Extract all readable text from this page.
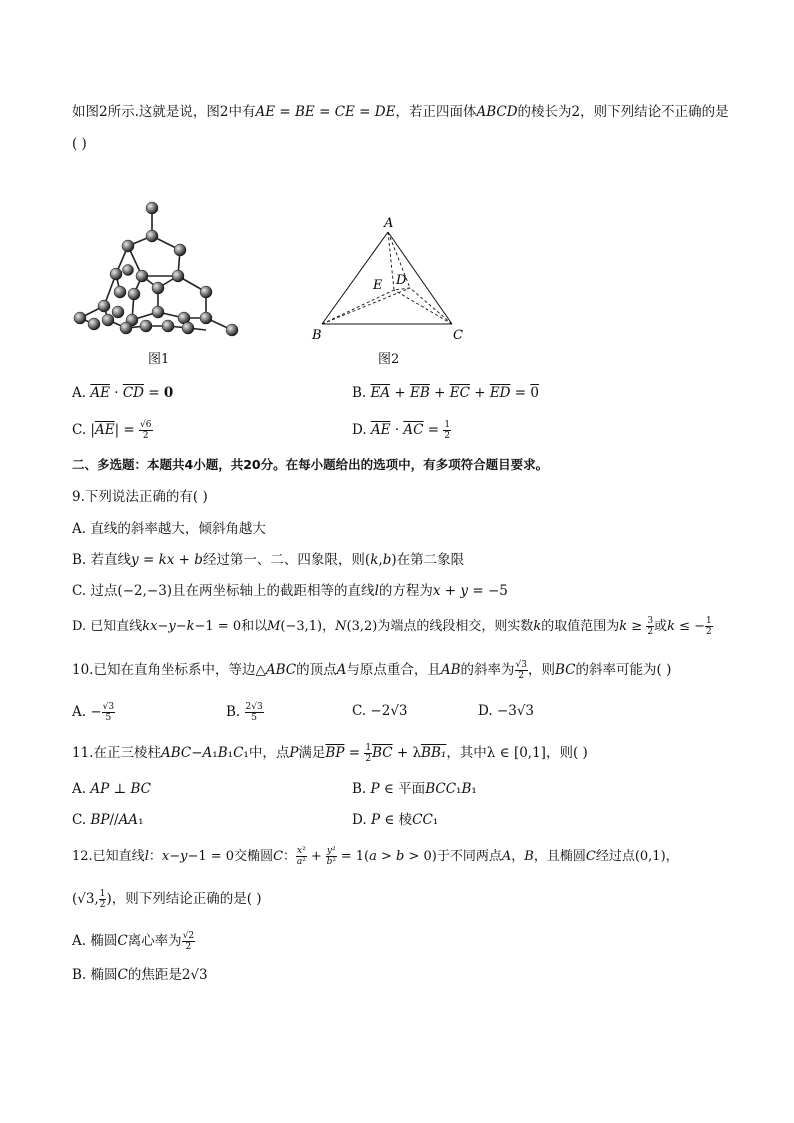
如图2所示.这就是说，图2中有AE = BE = CE = DE，若正四面体ABCD的棱长为2，则下列结论不正确的是
( )
图1
A
B	C
D
E
图2
A. $\overline{AE} \cdot \overline{CD} = 0$	B. $\overline{EA} + \overline{EB} + \overline{EC} + \overline{ED} = 0$
C. $|\overline{AE}| = \frac{√6}{2}$	D. $\overline{AE} \cdot \overline{AC} = \frac{1}{2}$
二、多选题：本题共4小题，共20分。在每小题给出的选项中，有多项符合题目要求。
9.下列说法正确的有( )
A. 直线的斜率越大，倾斜角越大
B. 若直线y = kx + b经过第一、二、四象限，则(k,b)在第二象限
C. 过点(−2,−3)且在两坐标轴上的截距相等的直线l的方程为x + y = −5
D. 已知直线kx−y−k−1 = 0和以M(−3,1)，N(3,2)为端点的线段相交，则实数k的取值范围为$k \ge \frac{3}{2}$ 或k ≤ − $\frac{1}{2}$
10.已知在直角坐标系中，等边△ABC的顶点A与原点重合，且AB的斜率为 $\frac{√3}{2}$ ，则BC的斜率可能为( )
A. − $\frac{√3}{5}$	B. $\frac{2√3}{5}$	C. −2√3	D. −3√3
11.在正三棱柱ABC−A₁B₁C₁中，点P满足$\overline{BP} = \frac{1}{2} \overline{BC} + \lambda BB_1$，其中λ ∈ [0,1]，则( )
A. AP ⊥ BC	B. P ∈ 平面BCC₁B₁
C. BP//AA₁	D. P ∈ 棱CC₁
12.已知直线l：x−y−1 = 0交椭圆C： $\frac{\text{x²}}{\text{a²}} + \frac{\text{y²}}{\text{b²}} = 1(a > b > 0)$于不同两点A，B，且椭圆C经过点(0,1)，
(√3, $\frac{1}{2}$ )，则下列结论正确的是( )
A. 椭圆C离心率为 $\frac{√2}{2}$
B. 椭圆C的焦距是2√3
